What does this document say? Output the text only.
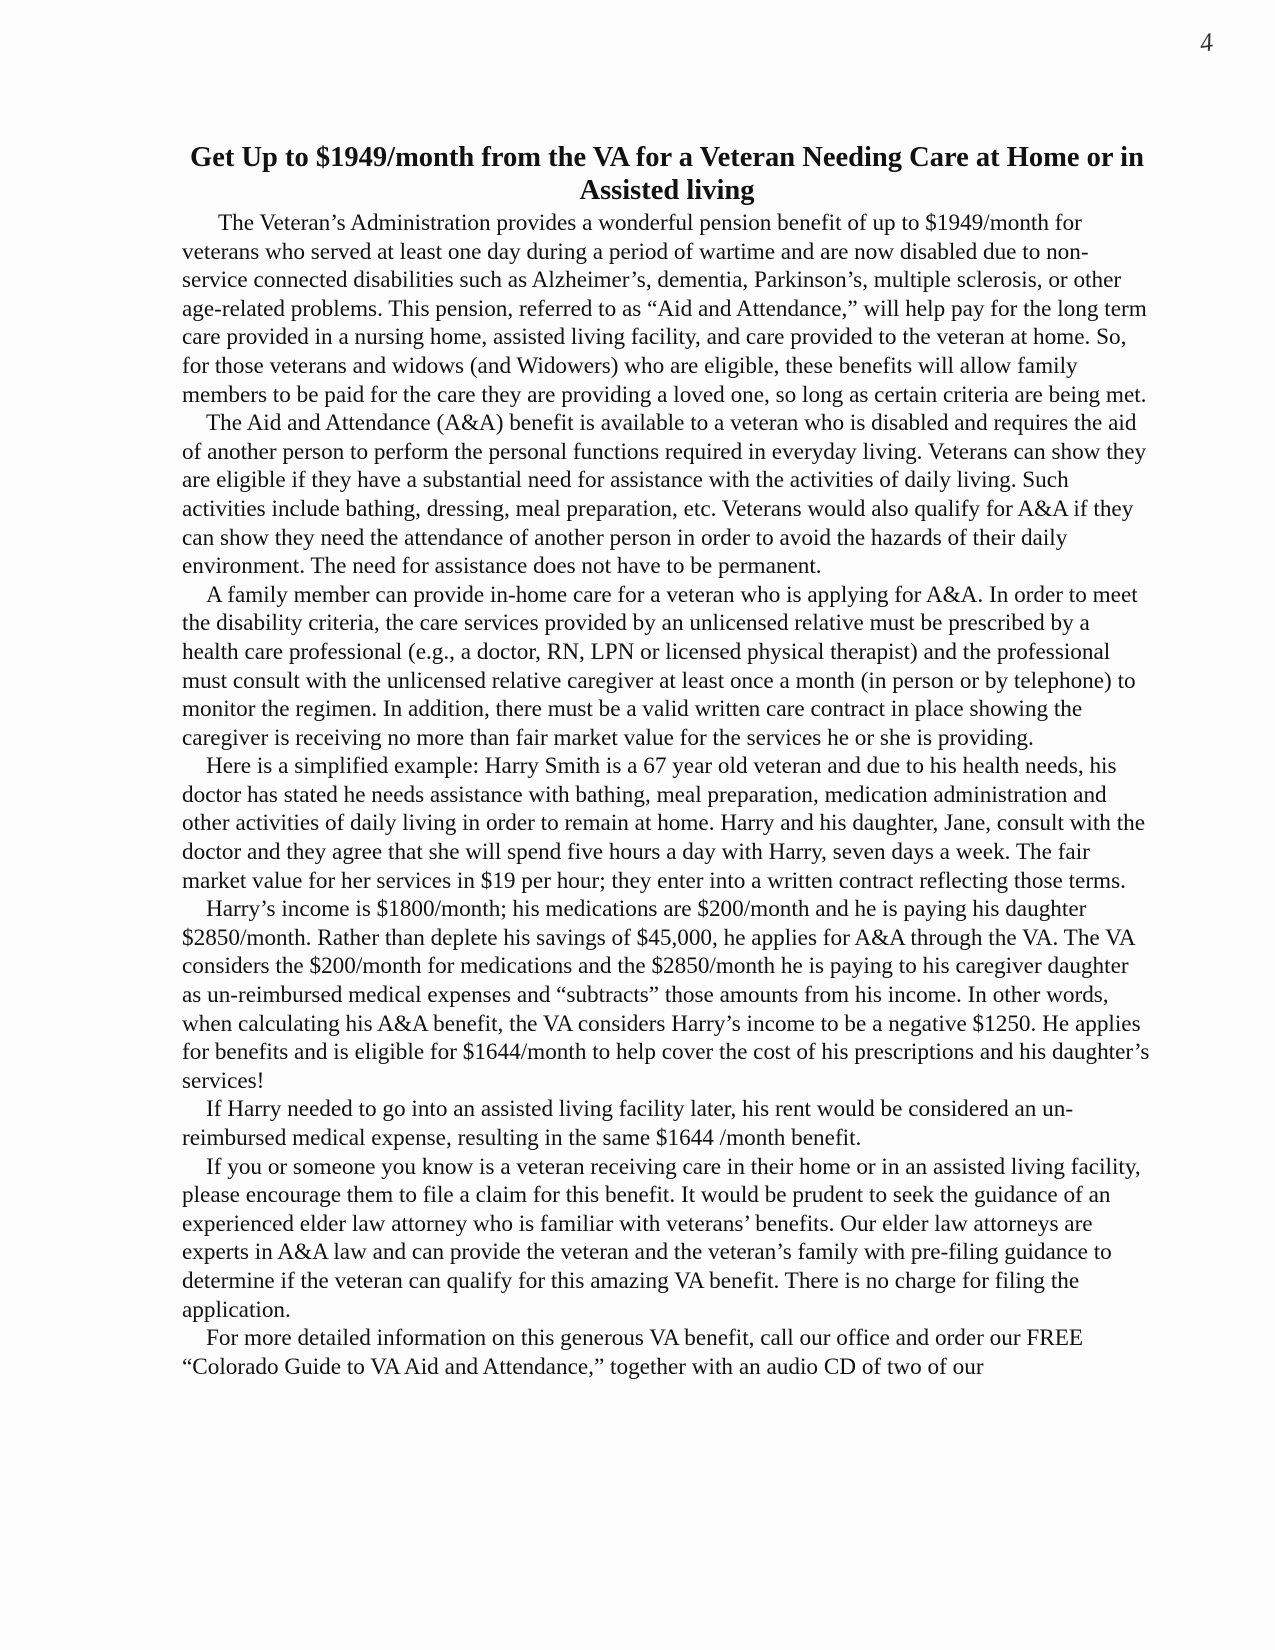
4
Get Up to $1949/month from the VA for a Veteran Needing Care at Home or in Assisted living

The Veteran’s Administration provides a wonderful pension benefit of up to $1949/month for veterans who served at least one day during a period of wartime and are now disabled due to non-service connected disabilities such as Alzheimer’s, dementia, Parkinson’s, multiple sclerosis, or other age-related problems. This pension, referred to as “Aid and Attendance,” will help pay for the long term care provided in a nursing home, assisted living facility, and care provided to the veteran at home. So, for those veterans and widows (and Widowers) who are eligible, these benefits will allow family members to be paid for the care they are providing a loved one, so long as certain criteria are being met.

The Aid and Attendance (A&A) benefit is available to a veteran who is disabled and requires the aid of another person to perform the personal functions required in everyday living. Veterans can show they are eligible if they have a substantial need for assistance with the activities of daily living. Such activities include bathing, dressing, meal preparation, etc. Veterans would also qualify for A&A if they can show they need the attendance of another person in order to avoid the hazards of their daily environment. The need for assistance does not have to be permanent.

A family member can provide in-home care for a veteran who is applying for A&A. In order to meet the disability criteria, the care services provided by an unlicensed relative must be prescribed by a health care professional (e.g., a doctor, RN, LPN or licensed physical therapist) and the professional must consult with the unlicensed relative caregiver at least once a month (in person or by telephone) to monitor the regimen. In addition, there must be a valid written care contract in place showing the caregiver is receiving no more than fair market value for the services he or she is providing.

Here is a simplified example: Harry Smith is a 67 year old veteran and due to his health needs, his doctor has stated he needs assistance with bathing, meal preparation, medication administration and other activities of daily living in order to remain at home. Harry and his daughter, Jane, consult with the doctor and they agree that she will spend five hours a day with Harry, seven days a week. The fair market value for her services in $19 per hour; they enter into a written contract reflecting those terms.

Harry’s income is $1800/month; his medications are $200/month and he is paying his daughter $2850/month. Rather than deplete his savings of $45,000, he applies for A&A through the VA. The VA considers the $200/month for medications and the $2850/month he is paying to his caregiver daughter as un-reimbursed medical expenses and “subtracts” those amounts from his income. In other words, when calculating his A&A benefit, the VA considers Harry’s income to be a negative $1250. He applies for benefits and is eligible for $1644/month to help cover the cost of his prescriptions and his daughter’s services!

If Harry needed to go into an assisted living facility later, his rent would be considered an un-reimbursed medical expense, resulting in the same $1644 /month benefit.

If you or someone you know is a veteran receiving care in their home or in an assisted living facility, please encourage them to file a claim for this benefit. It would be prudent to seek the guidance of an experienced elder law attorney who is familiar with veterans’ benefits. Our elder law attorneys are experts in A&A law and can provide the veteran and the veteran’s family with pre-filing guidance to determine if the veteran can qualify for this amazing VA benefit. There is no charge for filing the application.

For more detailed information on this generous VA benefit, call our office and order our FREE “Colorado Guide to VA Aid and Attendance,” together with an audio CD of two of our
